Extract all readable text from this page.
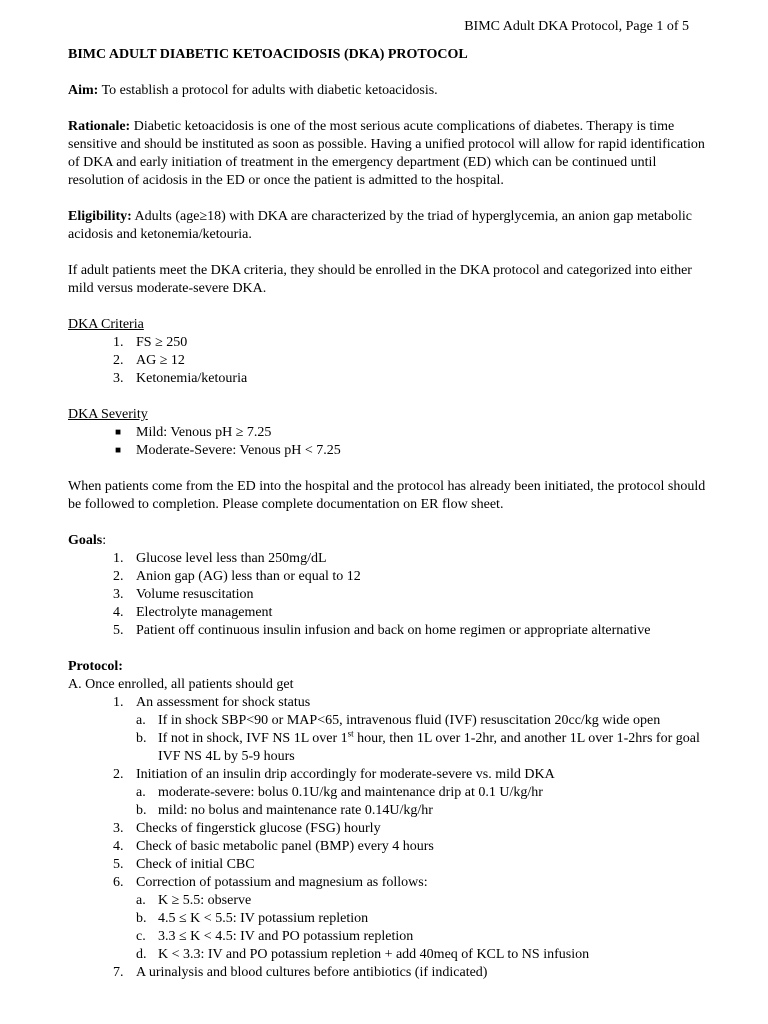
BIMC Adult DKA Protocol, Page 1 of 5

BIMC ADULT DIABETIC KETOACIDOSIS (DKA) PROTOCOL

Aim: To establish a protocol for adults with diabetic ketoacidosis.

Rationale: Diabetic ketoacidosis is one of the most serious acute complications of diabetes. Therapy is time sensitive and should be instituted as soon as possible. Having a unified protocol will allow for rapid identification of DKA and early initiation of treatment in the emergency department (ED) which can be continued until resolution of acidosis in the ED or once the patient is admitted to the hospital.

Eligibility: Adults (age≥18) with DKA are characterized by the triad of hyperglycemia, an anion gap metabolic acidosis and ketonemia/ketouria.

If adult patients meet the DKA criteria, they should be enrolled in the DKA protocol and categorized into either mild versus moderate-severe DKA.

DKA Criteria

1. FS ≥ 250
2. AG ≥ 12
3. Ketonemia/ketouria

DKA Severity

■ Mild: Venous pH ≥ 7.25
■ Moderate-Severe: Venous pH < 7.25

When patients come from the ED into the hospital and the protocol has already been initiated, the protocol should be followed to completion. Please complete documentation on ER flow sheet.

Goals:

1. Glucose level less than 250mg/dL
2. Anion gap (AG) less than or equal to 12
3. Volume resuscitation
4. Electrolyte management
5. Patient off continuous insulin infusion and back on home regimen or appropriate alternative

Protocol:

A. Once enrolled, all patients should get

1. An assessment for shock status
a. If in shock SBP<90 or MAP<65, intravenous fluid (IVF) resuscitation 20cc/kg wide open
b. If not in shock, IVF NS 1L over 1st hour, then 1L over 1-2hr, and another 1L over 1-2hrs for goal IVF NS 4L by 5-9 hours
2. Initiation of an insulin drip accordingly for moderate-severe vs. mild DKA
a. moderate-severe: bolus 0.1U/kg and maintenance drip at 0.1 U/kg/hr
b. mild: no bolus and maintenance rate 0.14U/kg/hr
3. Checks of fingerstick glucose (FSG) hourly
4. Check of basic metabolic panel (BMP) every 4 hours
5. Check of initial CBC
6. Correction of potassium and magnesium as follows:
a. K ≥ 5.5: observe
b. 4.5 ≤ K < 5.5: IV potassium repletion
c. 3.3 ≤ K < 4.5: IV and PO potassium repletion
d. K < 3.3: IV and PO potassium repletion + add 40meq of KCL to NS infusion
7. A urinalysis and blood cultures before antibiotics (if indicated)
